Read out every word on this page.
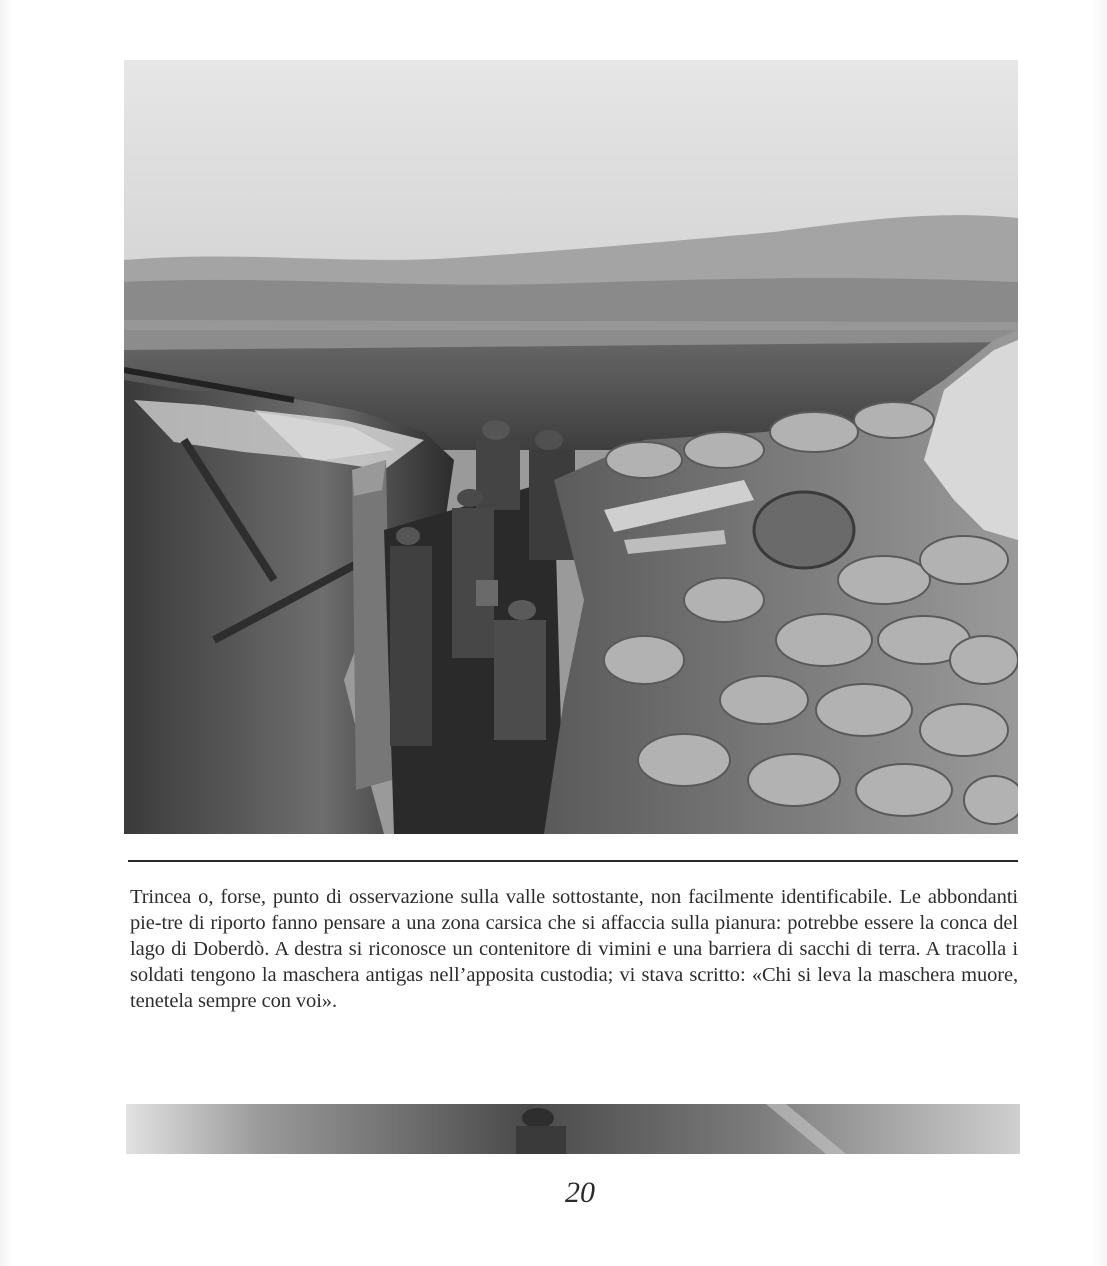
Trincea o, forse, punto di osservazione sulla valle sottostante, non facilmente identificabile. Le abbondanti pie-tre di riporto fanno pensare a una zona carsica che si affaccia sulla pianura: potrebbe essere la conca del lago di Doberdò. A destra si riconosce un contenitore di vimini e una barriera di sacchi di terra. A tracolla i soldati tengono la maschera antigas nell’apposita custodia; vi stava scritto: «Chi si leva la maschera muore, tenetela sempre con voi».

20
